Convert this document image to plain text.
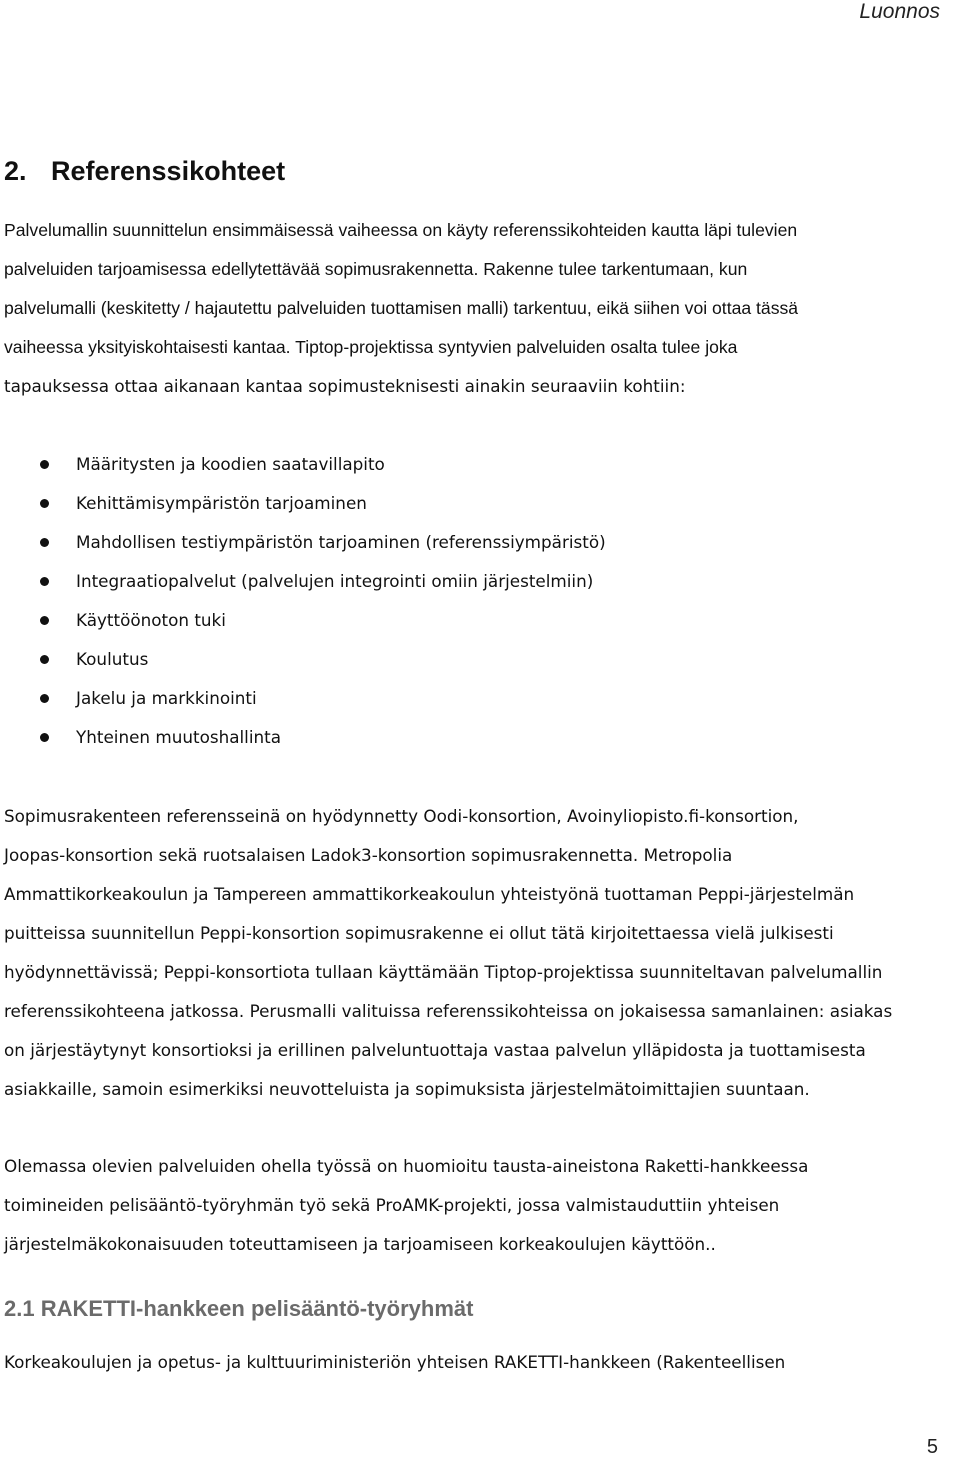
Luonnos
2. Referenssikohteet
Palvelumallin suunnittelun ensimmäisessä vaiheessa on käyty referenssikohteiden kautta läpi tulevien
palveluiden tarjoamisessa edellytettävää sopimusrakennetta. Rakenne tulee tarkentumaan, kun
palvelumalli (keskitetty / hajautettu palveluiden tuottamisen malli) tarkentuu, eikä siihen voi ottaa tässä
vaiheessa yksityiskohtaisesti kantaa. Tiptop-projektissa syntyvien palveluiden osalta tulee joka
tapauksessa ottaa aikanaan kantaa sopimusteknisesti ainakin seuraaviin kohtiin:
Määritysten ja koodien saatavillapito
Kehittämisympäristön tarjoaminen
Mahdollisen testiympäristön tarjoaminen (referenssiympäristö)
Integraatiopalvelut (palvelujen integrointi omiin järjestelmiin)
Käyttöönoton tuki
Koulutus
Jakelu ja markkinointi
Yhteinen muutoshallinta
Sopimusrakenteen referensseinä on hyödynnetty Oodi-konsortion, Avoinyliopisto.fi-konsortion,
Joopas-konsortion sekä ruotsalaisen Ladok3-konsortion sopimusrakennetta. Metropolia
Ammattikorkeakoulun ja Tampereen ammattikorkeakoulun yhteistyönä tuottaman Peppi-järjestelmän
puitteissa suunnitellun Peppi-konsortion sopimusrakenne ei ollut tätä kirjoitettaessa vielä julkisesti
hyödynnettävissä; Peppi-konsortiota tullaan käyttämään Tiptop-projektissa suunniteltavan palvelumallin
referenssikohteena jatkossa. Perusmalli valituissa referenssikohteissa on jokaisessa samanlainen: asiakas
on järjestäytynyt konsortioksi ja erillinen palveluntuottaja vastaa palvelun ylläpidosta ja tuottamisesta
asiakkaille, samoin esimerkiksi neuvotteluista ja sopimuksista järjestelmätoimittajien suuntaan.
Olemassa olevien palveluiden ohella työssä on huomioitu tausta-aineistona Raketti-hankkeessa
toimineiden pelisääntö-työryhmän työ sekä ProAMK-projekti, jossa valmistauduttiin yhteisen
järjestelmäkokonaisuuden toteuttamiseen ja tarjoamiseen korkeakoulujen käyttöön..
2.1 RAKETTI-hankkeen pelisääntö-työryhmät
Korkeakoulujen ja opetus- ja kulttuuriministeriön yhteisen RAKETTI-hankkeen (Rakenteellisen
5
